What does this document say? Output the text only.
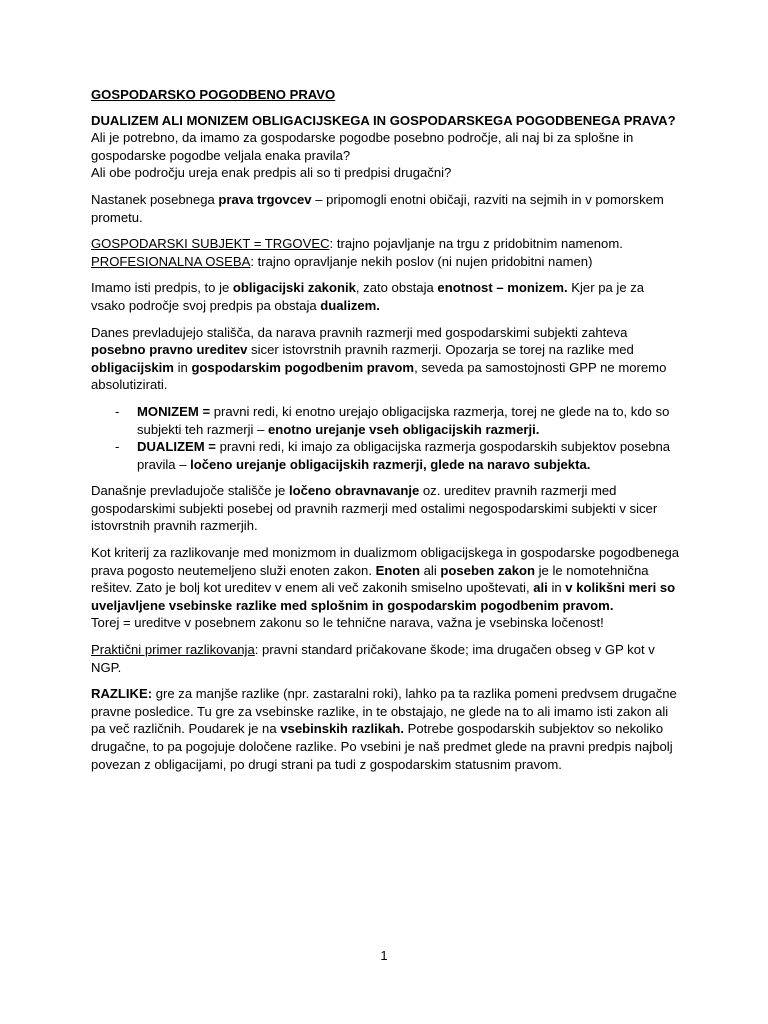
GOSPODARSKO POGODBENO PRAVO

DUALIZEM ALI MONIZEM OBLIGACIJSKEGA IN GOSPODARSKEGA POGODBENEGA PRAVA?
Ali je potrebno, da imamo za gospodarske pogodbe posebno področje, ali naj bi za splošne in gospodarske pogodbe veljala enaka pravila?
Ali obe področju ureja enak predpis ali so ti predpisi drugačni?

Nastanek posebnega prava trgovcev – pripomogli enotni običaji, razviti na sejmih in v pomorskem prometu.

GOSPODARSKI SUBJEKT = TRGOVEC: trajno pojavljanje na trgu z pridobitnim namenom.
PROFESIONALNA OSEBA: trajno opravljanje nekih poslov (ni nujen pridobitni namen)

Imamo isti predpis, to je obligacijski zakonik, zato obstaja enotnost – monizem. Kjer pa je za vsako področje svoj predpis pa obstaja dualizem.

Danes prevladujejo stališča, da narava pravnih razmerji med gospodarskimi subjekti zahteva posebno pravno ureditev sicer istovrstnih pravnih razmerji. Opozarja se torej na razlike med obligacijskim in gospodarskim pogodbenim pravom, seveda pa samostojnosti GPP ne moremo absolutizirati.

- MONIZEM = pravni redi, ki enotno urejajo obligacijska razmerja, torej ne glede na to, kdo so subjekti teh razmerji – enotno urejanje vseh obligacijskih razmerji.
- DUALIZEM = pravni redi, ki imajo za obligacijska razmerja gospodarskih subjektov posebna pravila – ločeno urejanje obligacijskih razmerji, glede na naravo subjekta.

Današnje prevladujoče stališče je ločeno obravnavanje oz. ureditev pravnih razmerji med gospodarskimi subjekti posebej od pravnih razmerji med ostalimi negospodarskimi subjekti v sicer istovrstnih pravnih razmerjih.

Kot kriterij za razlikovanje med monizmom in dualizmom obligacijskega in gospodarske pogodbenega prava pogosto neutemeljeno služi enoten zakon. Enoten ali poseben zakon je le nomotehnična rešitev. Zato je bolj kot ureditev v enem ali več zakonih smiselno upoštevati, ali in v kolikšni meri so uveljavljene vsebinske razlike med splošnim in gospodarskim pogodbenim pravom.
Torej = ureditve v posebnem zakonu so le tehnične narava, važna je vsebinska ločenost!

Praktični primer razlikovanja: pravni standard pričakovane škode; ima drugačen obseg v GP kot v NGP.

RAZLIKE: gre za manjše razlike (npr. zastaralni roki), lahko pa ta razlika pomeni predvsem drugačne pravne posledice. Tu gre za vsebinske razlike, in te obstajajo, ne glede na to ali imamo isti zakon ali pa več različnih. Poudarek je na vsebinskih razlikah. Potrebe gospodarskih subjektov so nekoliko drugačne, to pa pogojuje določene razlike. Po vsebini je naš predmet glede na pravni predpis najbolj povezan z obligacijami, po drugi strani pa tudi z gospodarskim statusnim pravom.

1
